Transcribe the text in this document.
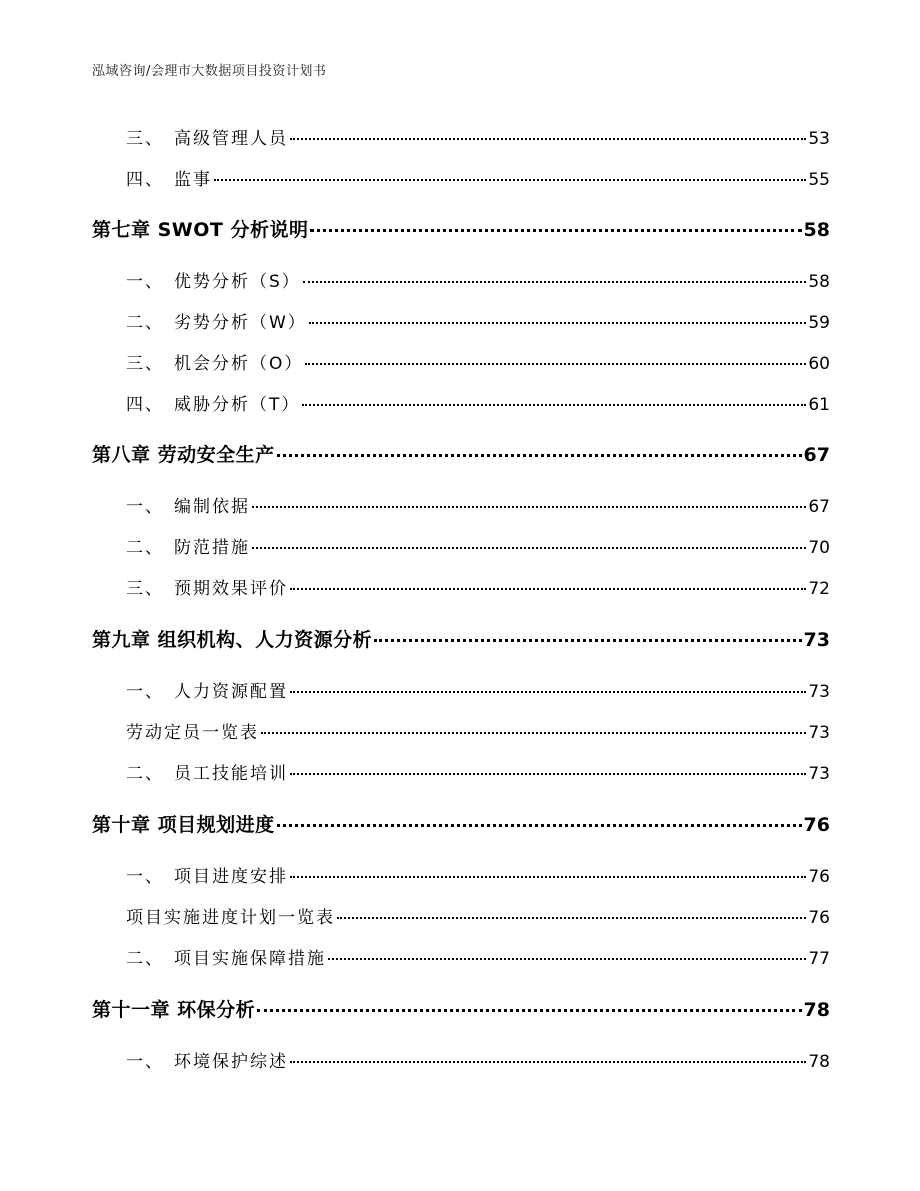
泓域咨询/会理市大数据项目投资计划书
三、 高级管理人员	53
四、 监事	55
第七章 SWOT 分析说明	58
一、 优势分析（S）	58
二、 劣势分析（W）	59
三、 机会分析（O）	60
四、 威胁分析（T）	61
第八章 劳动安全生产	67
一、 编制依据	67
二、 防范措施	70
三、 预期效果评价	72
第九章 组织机构、人力资源分析	73
一、 人力资源配置	73
劳动定员一览表	73
二、 员工技能培训	73
第十章 项目规划进度	76
一、 项目进度安排	76
项目实施进度计划一览表	76
二、 项目实施保障措施	77
第十一章 环保分析	78
一、 环境保护综述	78
